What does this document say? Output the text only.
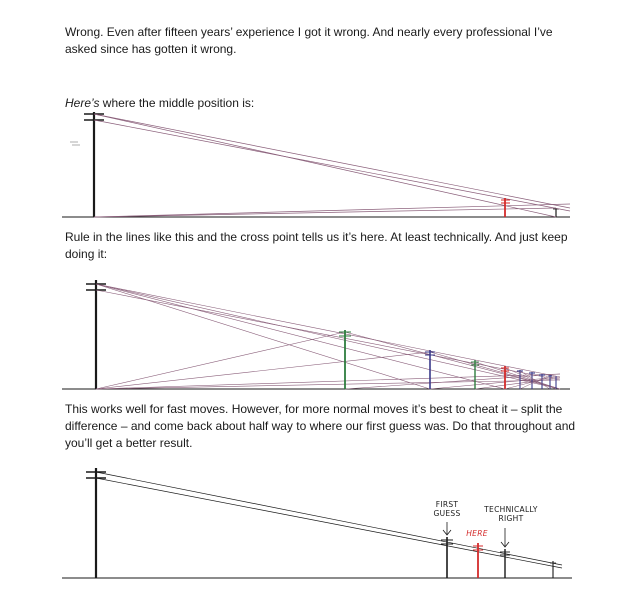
Wrong. Even after fifteen years’ experience I got it wrong. And nearly every professional I’ve asked since has gotten it wrong.

Here’s where the middle position is:

Rule in the lines like this and the cross point tells us it’s here. At least technically. And just keep doing it:

This works well for fast moves. However, for more normal moves it’s best to cheat it – split the difference – and come back about half way to where our first guess was. Do that throughout and you’ll get a better result.

FIRST
GUESS
HERE
TECHNICALLY
RIGHT
